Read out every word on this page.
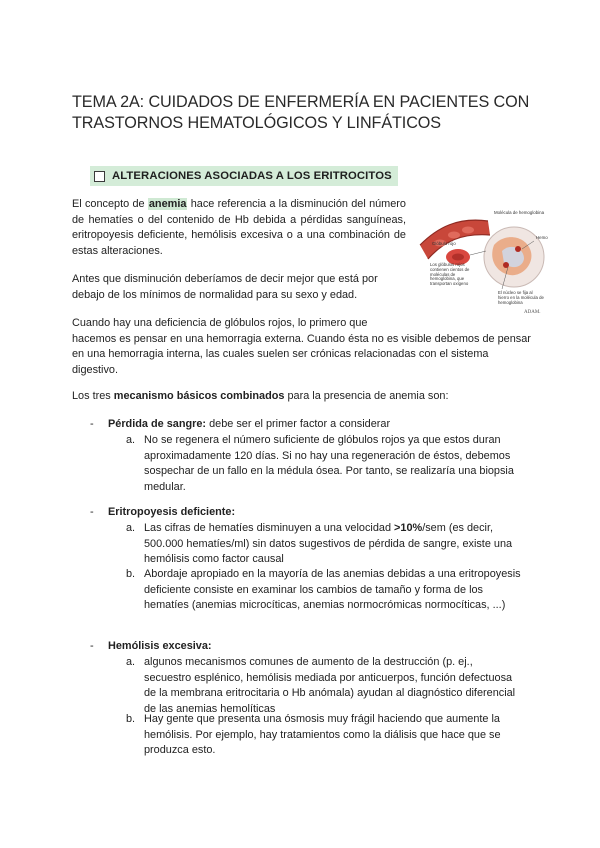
TEMA 2A: CUIDADOS DE ENFERMERÍA EN PACIENTES CON TRASTORNOS HEMATOLÓGICOS Y LINFÁTICOS
ALTERACIONES ASOCIADAS A LOS ERITROCITOS
El concepto de anemia hace referencia a la disminución del número de hematíes o del contenido de Hb debida a pérdidas sanguíneas, eritropoyesis deficiente, hemólisis excesiva o a una combinación de estas alteraciones.
Molécula de hemoglobina
Glóbulo rojo
Hemo
Los glóbulos rojos contienen cientos de moléculas de hemoglobina, que transportan oxígeno
El núcleo se fija al hierro en la molécula de hemoglobina
ADAM.
Antes que disminución deberíamos de decir mejor que está por debajo de los mínimos de normalidad para su sexo y edad.
Cuando hay una deficiencia de glóbulos rojos, lo primero que
hacemos es pensar en una hemorragia externa. Cuando ésta no es visible debemos de pensar en una hemorragia interna, las cuales suelen ser crónicas relacionadas con el sistema digestivo.
Los tres mecanismo básicos combinados para la presencia de anemia son:
- Pérdida de sangre: debe ser el primer factor a considerar
a. No se regenera el número suficiente de glóbulos rojos ya que estos duran aproximadamente 120 días. Si no hay una regeneración de éstos, debemos sospechar de un fallo en la médula ósea. Por tanto, se realizaría una biopsia medular.
- Eritropoyesis deficiente:
a. Las cifras de hematíes disminuyen a una velocidad >10%/sem (es decir, 500.000 hematíes/ml) sin datos sugestivos de pérdida de sangre, existe una hemólisis como factor causal
b. Abordaje apropiado en la mayoría de las anemias debidas a una eritropoyesis deficiente consiste en examinar los cambios de tamaño y forma de los hematíes (anemias microcíticas, anemias normocrómicas normocíticas, ...)
- Hemólisis excesiva:
a. algunos mecanismos comunes de aumento de la destrucción (p. ej., secuestro esplénico, hemólisis mediada por anticuerpos, función defectuosa de la membrana eritrocitaria o Hb anómala) ayudan al diagnóstico diferencial de las anemias hemolíticas
b. Hay gente que presenta una ósmosis muy frágil haciendo que aumente la hemólisis. Por ejemplo, hay tratamientos como la diálisis que hace que se produzca esto.
